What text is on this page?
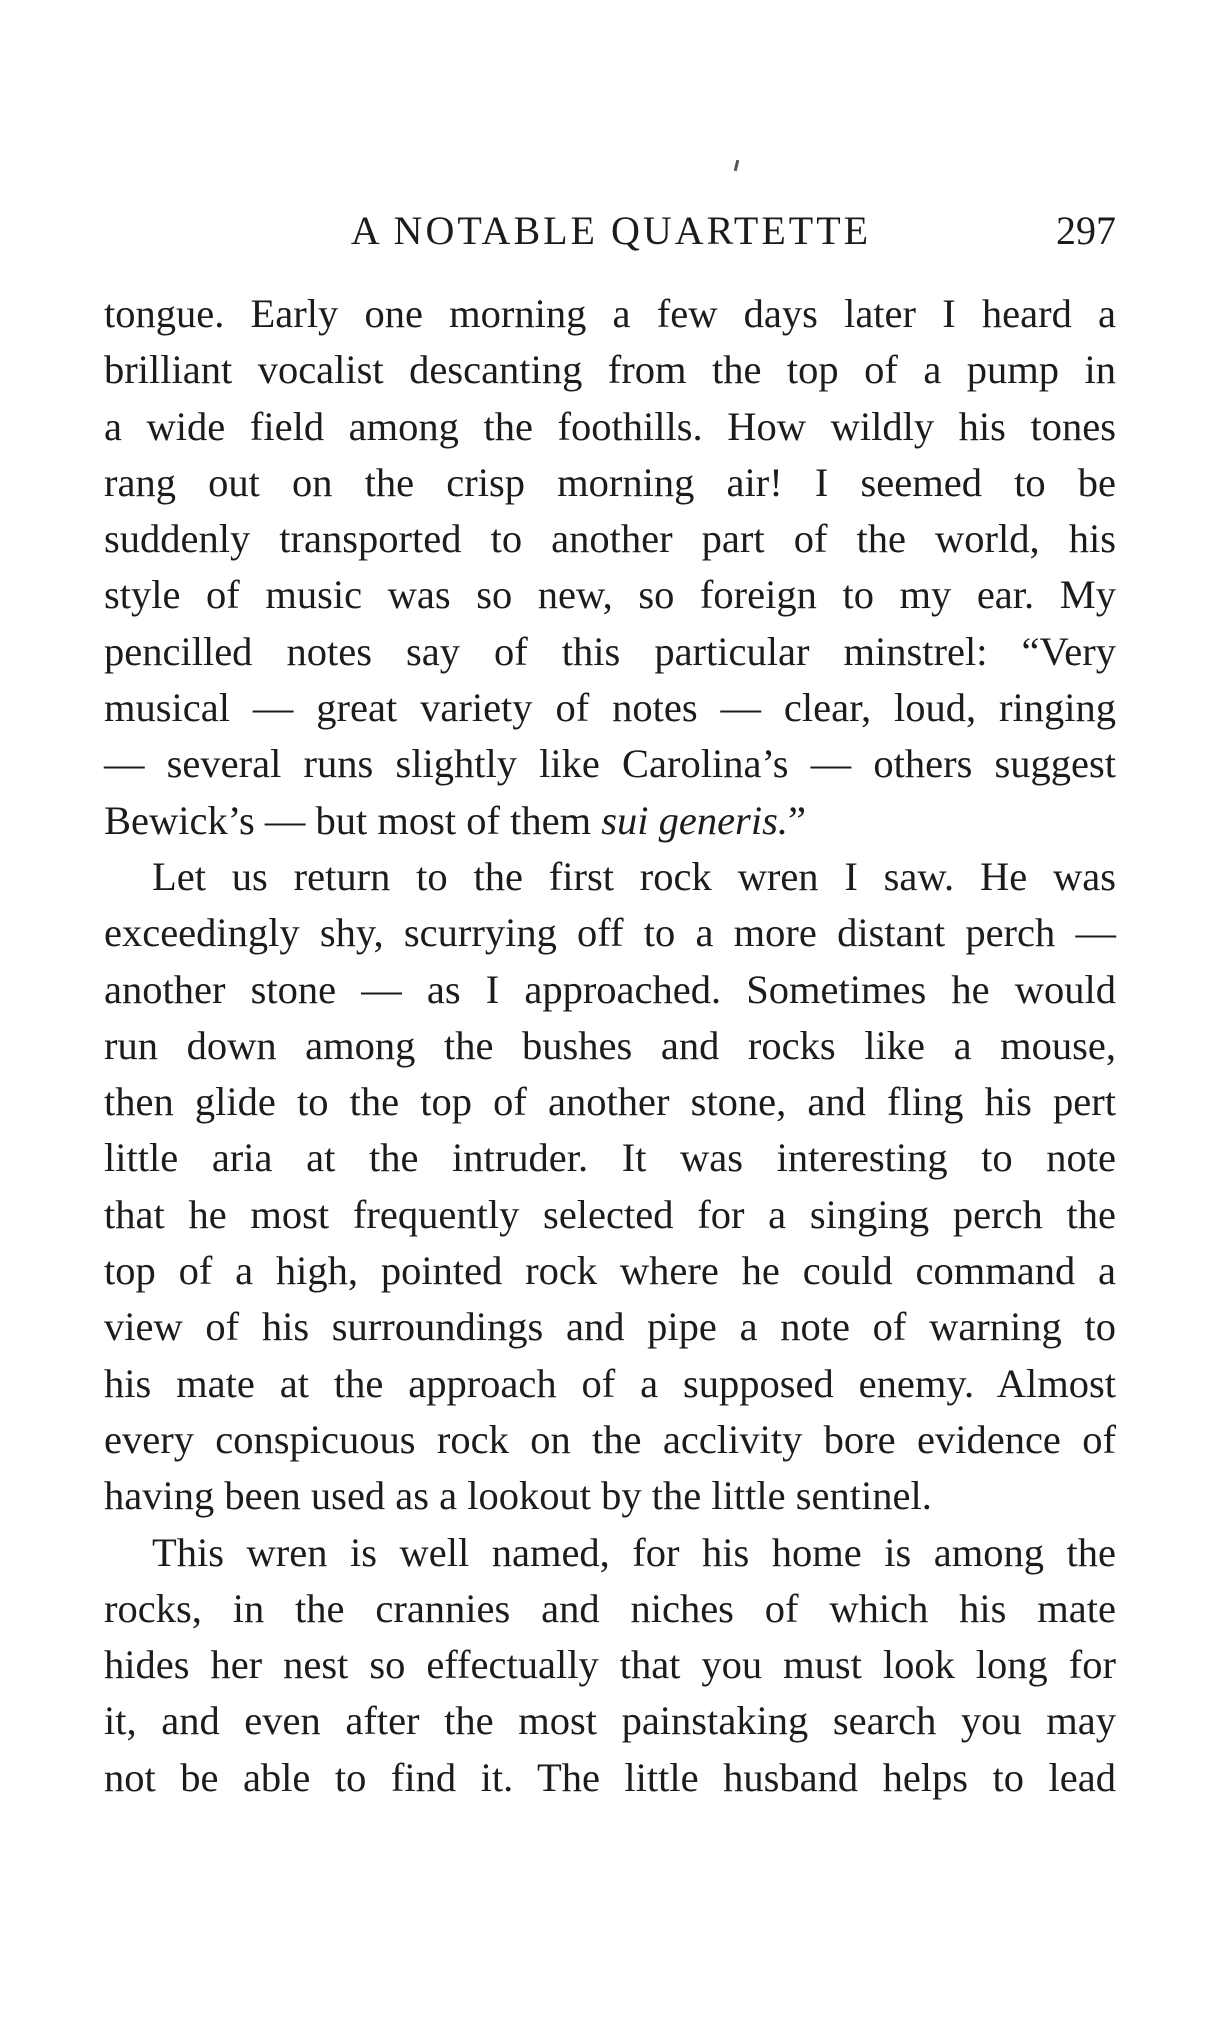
A NOTABLE QUARTETTE	297
tongue. Early one morning a few days later I heard a
brilliant vocalist descanting from the top of a pump in
a wide field among the foothills. How wildly his tones
rang out on the crisp morning air! I seemed to be
suddenly transported to another part of the world, his
style of music was so new, so foreign to my ear. My
pencilled notes say of this particular minstrel: “Very
musical — great variety of notes — clear, loud, ringing
— several runs slightly like Carolina’s — others suggest
Bewick’s — but most of them sui generis.”
Let us return to the first rock wren I saw. He was
exceedingly shy, scurrying off to a more distant perch —
another stone — as I approached. Sometimes he would
run down among the bushes and rocks like a mouse,
then glide to the top of another stone, and fling his pert
little aria at the intruder. It was interesting to note
that he most frequently selected for a singing perch the
top of a high, pointed rock where he could command a
view of his surroundings and pipe a note of warning to
his mate at the approach of a supposed enemy. Almost
every conspicuous rock on the acclivity bore evidence of
having been used as a lookout by the little sentinel.
This wren is well named, for his home is among the
rocks, in the crannies and niches of which his mate
hides her nest so effectually that you must look long for
it, and even after the most painstaking search you may
not be able to find it. The little husband helps to lead
